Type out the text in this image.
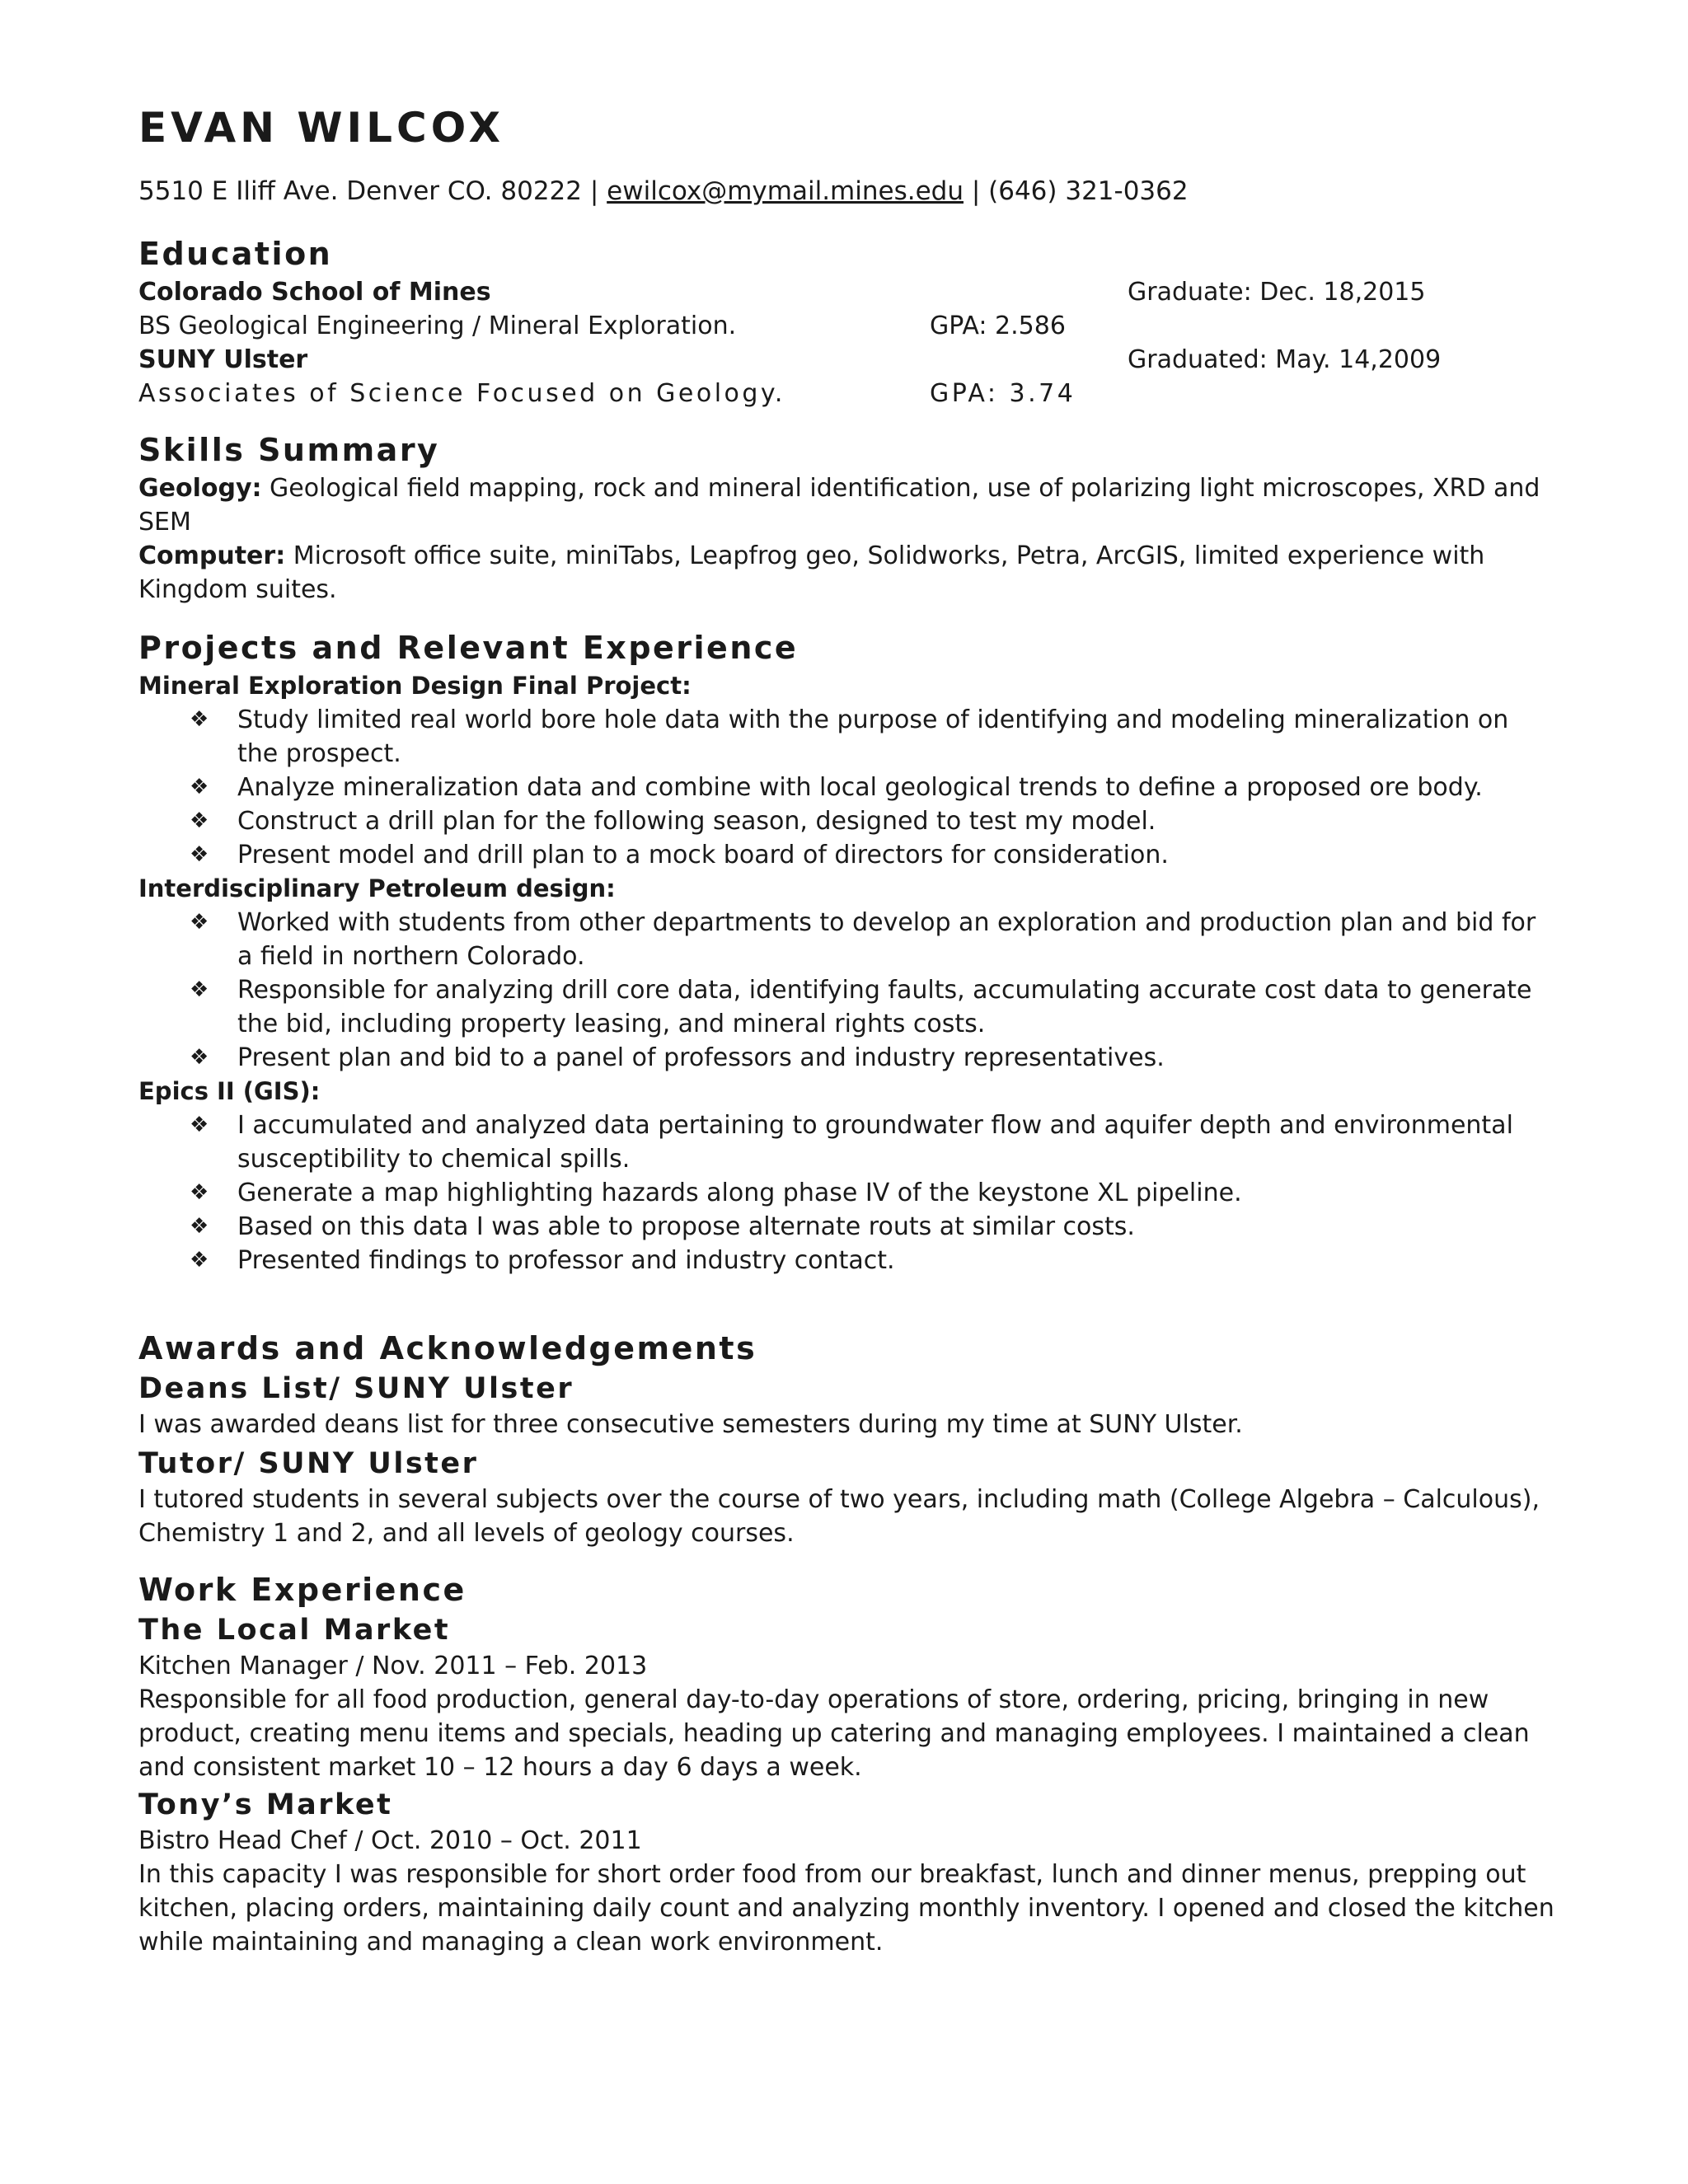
EVAN WILCOX
5510 E Iliff Ave. Denver CO. 80222 | ewilcox@mymail.mines.edu | (646) 321-0362
Education
Colorado School of Mines	Graduate: Dec. 18,2015
BS Geological Engineering / Mineral Exploration.	GPA: 2.586
SUNY Ulster	Graduated: May. 14,2009
Associates of Science Focused on Geology.	GPA: 3.74
Skills Summary
Geology: Geological field mapping, rock and mineral identification, use of polarizing light microscopes, XRD and SEM
Computer: Microsoft office suite, miniTabs, Leapfrog geo, Solidworks, Petra, ArcGIS, limited experience with Kingdom suites.
Projects and Relevant Experience
Mineral Exploration Design Final Project:
❖ Study limited real world bore hole data with the purpose of identifying and modeling mineralization on the prospect.
❖ Analyze mineralization data and combine with local geological trends to define a proposed ore body.
❖ Construct a drill plan for the following season, designed to test my model.
❖ Present model and drill plan to a mock board of directors for consideration.
Interdisciplinary Petroleum design:
❖ Worked with students from other departments to develop an exploration and production plan and bid for a field in northern Colorado.
❖ Responsible for analyzing drill core data, identifying faults, accumulating accurate cost data to generate the bid, including property leasing, and mineral rights costs.
❖ Present plan and bid to a panel of professors and industry representatives.
Epics II (GIS):
❖ I accumulated and analyzed data pertaining to groundwater flow and aquifer depth and environmental susceptibility to chemical spills.
❖ Generate a map highlighting hazards along phase IV of the keystone XL pipeline.
❖ Based on this data I was able to propose alternate routs at similar costs.
❖ Presented findings to professor and industry contact.
Awards and Acknowledgements
Deans List/ SUNY Ulster
I was awarded deans list for three consecutive semesters during my time at SUNY Ulster.
Tutor/ SUNY Ulster
I tutored students in several subjects over the course of two years, including math (College Algebra – Calculous), Chemistry 1 and 2, and all levels of geology courses.
Work Experience
The Local Market
Kitchen Manager / Nov. 2011 – Feb. 2013
Responsible for all food production, general day-to-day operations of store, ordering, pricing, bringing in new product, creating menu items and specials, heading up catering and managing employees. I maintained a clean and consistent market 10 – 12 hours a day 6 days a week.
Tony’s Market
Bistro Head Chef / Oct. 2010 – Oct. 2011
In this capacity I was responsible for short order food from our breakfast, lunch and dinner menus, prepping out kitchen, placing orders, maintaining daily count and analyzing monthly inventory. I opened and closed the kitchen while maintaining and managing a clean work environment.
